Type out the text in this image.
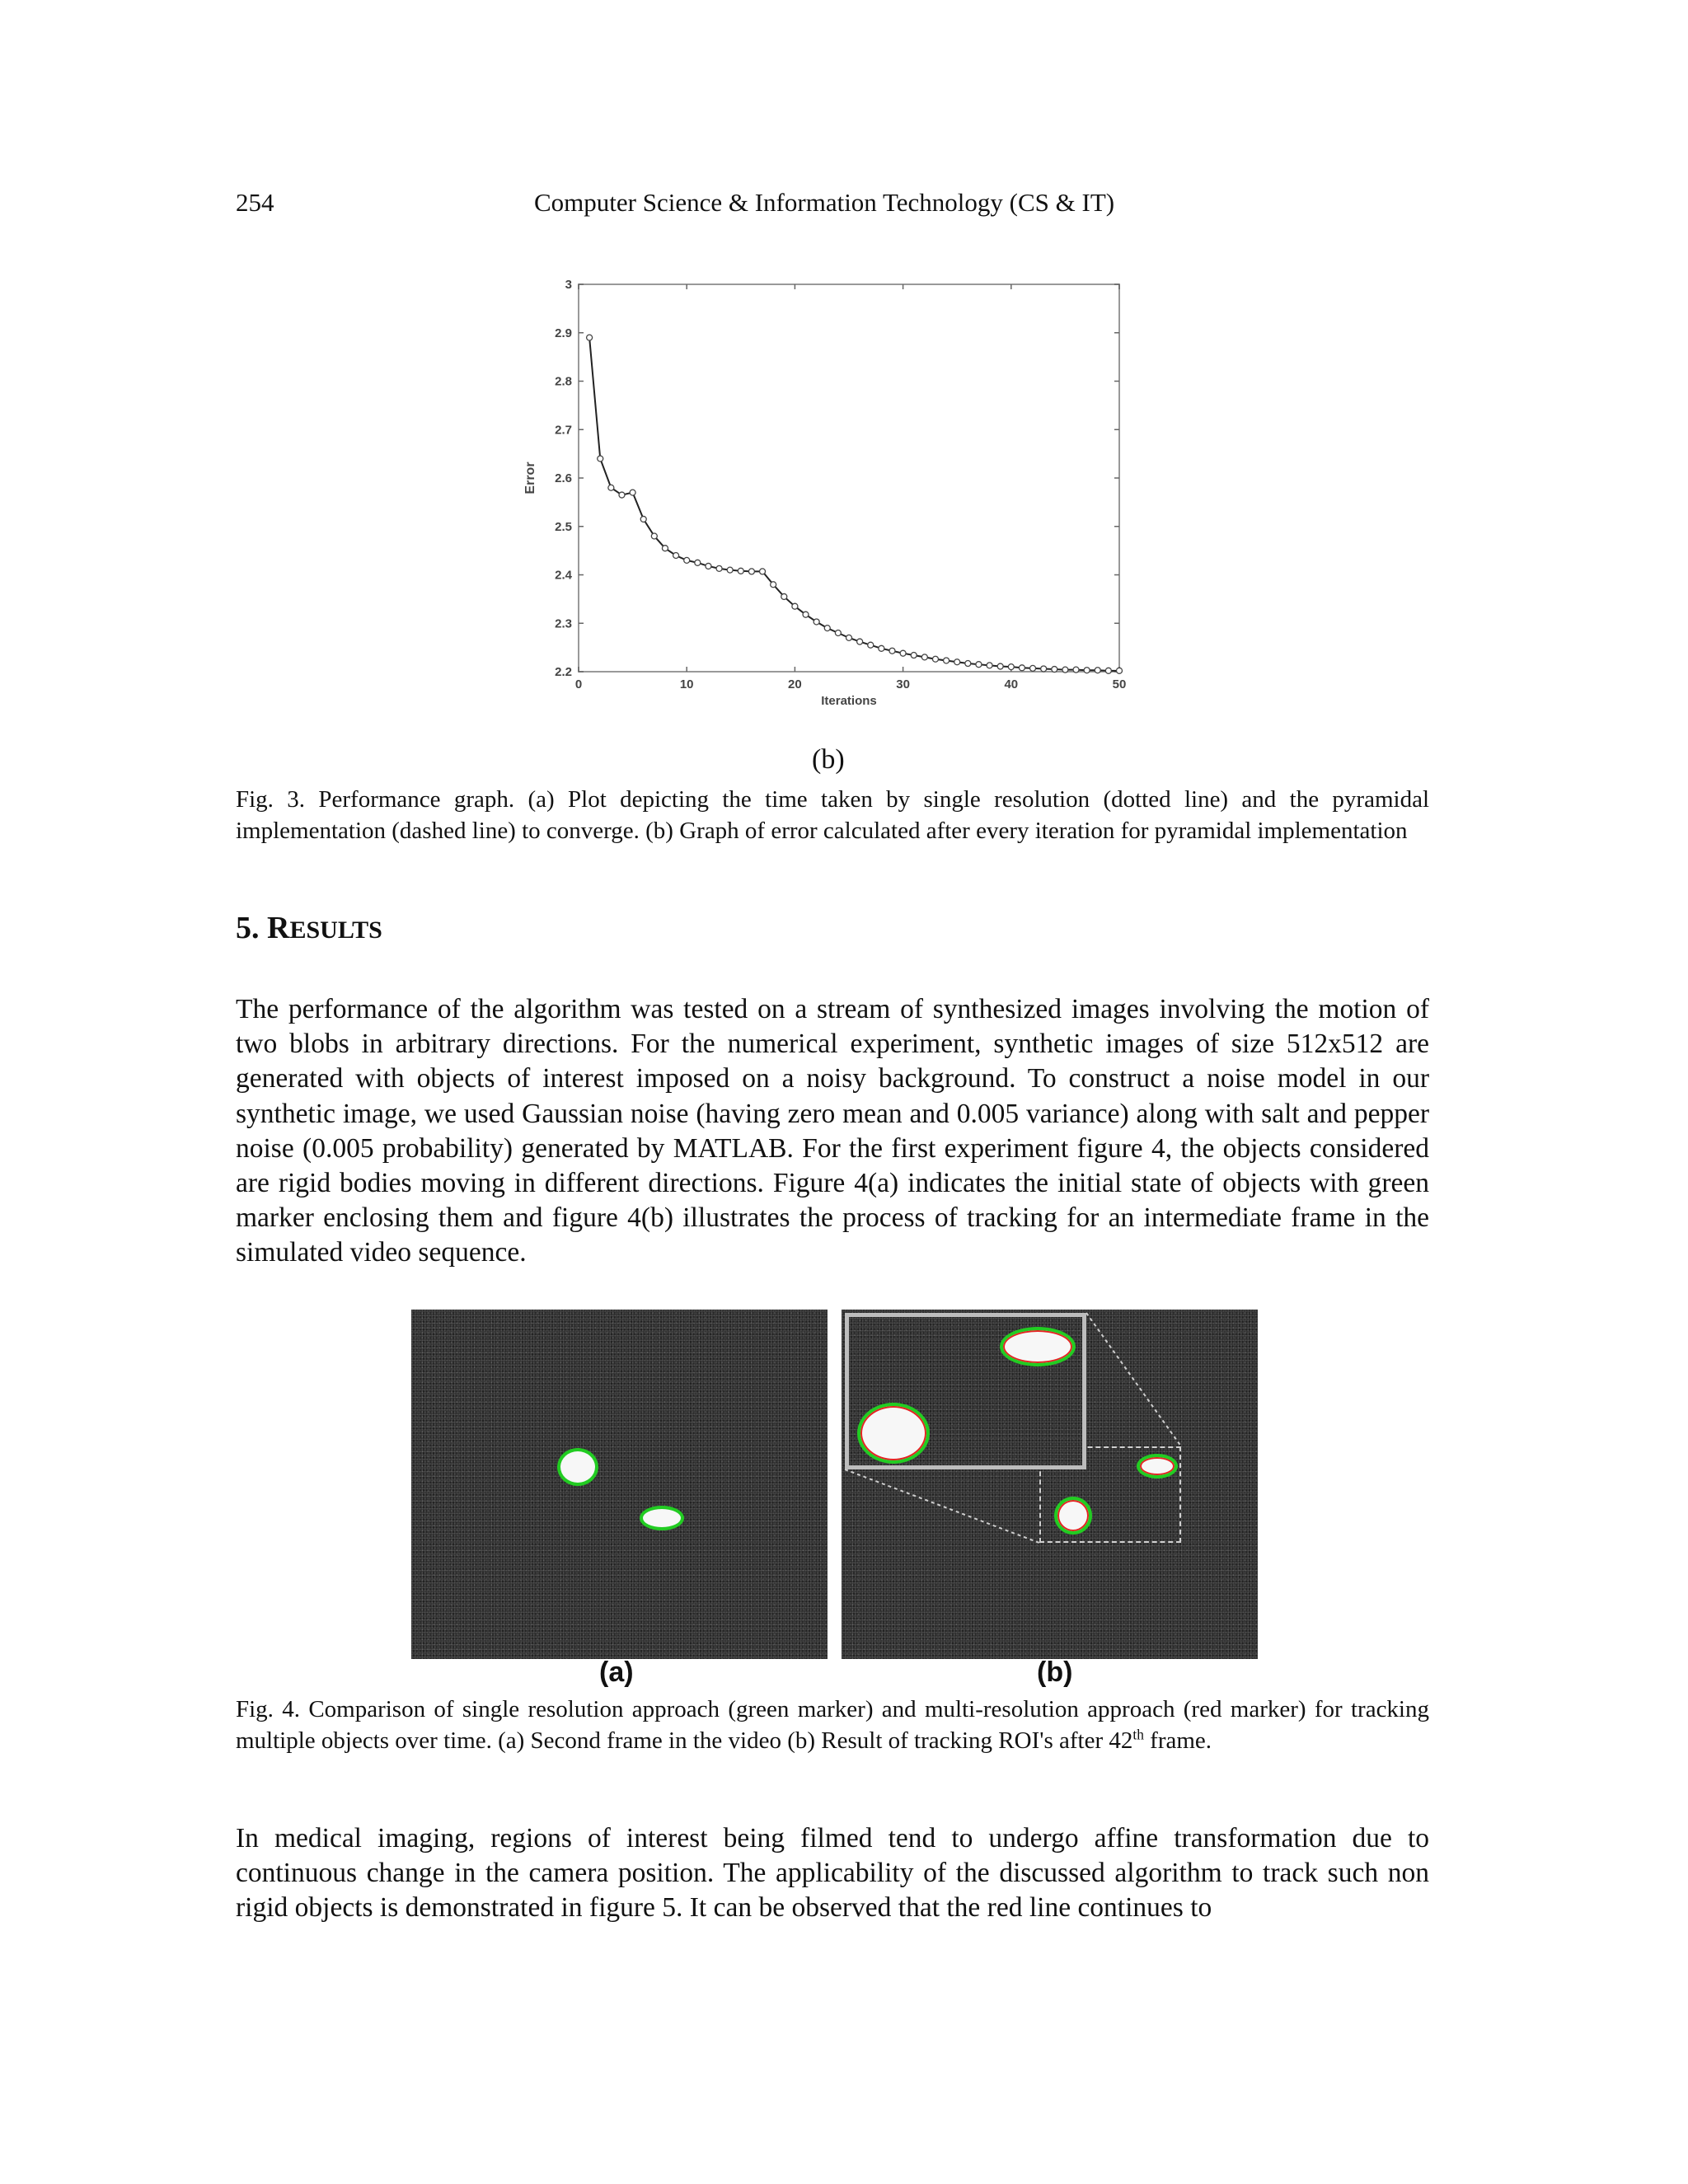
254	Computer Science & Information Technology (CS & IT)
0	10	20	30	40	50
2.2
2.3
2.4
2.5
2.6
2.7
2.8
2.9
3
Iterations
Error
(b)
Fig. 3. Performance graph. (a) Plot depicting the time taken by single resolution (dotted line) and the pyramidal implementation (dashed line) to converge. (b) Graph of error calculated after every iteration for pyramidal implementation
5. RESULTS
The performance of the algorithm was tested on a stream of synthesized images involving the motion of two blobs in arbitrary directions. For the numerical experiment, synthetic images of size 512x512 are generated with objects of interest imposed on a noisy background. To construct a noise model in our synthetic image, we used Gaussian noise (having zero mean and 0.005 variance) along with salt and pepper noise (0.005 probability) generated by MATLAB. For the first experiment figure 4, the objects considered are rigid bodies moving in different directions. Figure 4(a) indicates the initial state of objects with green marker enclosing them and figure 4(b) illustrates the process of tracking for an intermediate frame in the simulated video sequence.
(a)	(b)
Fig. 4. Comparison of single resolution approach (green marker) and multi-resolution approach (red marker) for tracking multiple objects over time. (a) Second frame in the video (b) Result of tracking ROI's after 42th frame.
In medical imaging, regions of interest being filmed tend to undergo affine transformation due to continuous change in the camera position. The applicability of the discussed algorithm to track such non rigid objects is demonstrated in figure 5. It can be observed that the red line continues to
